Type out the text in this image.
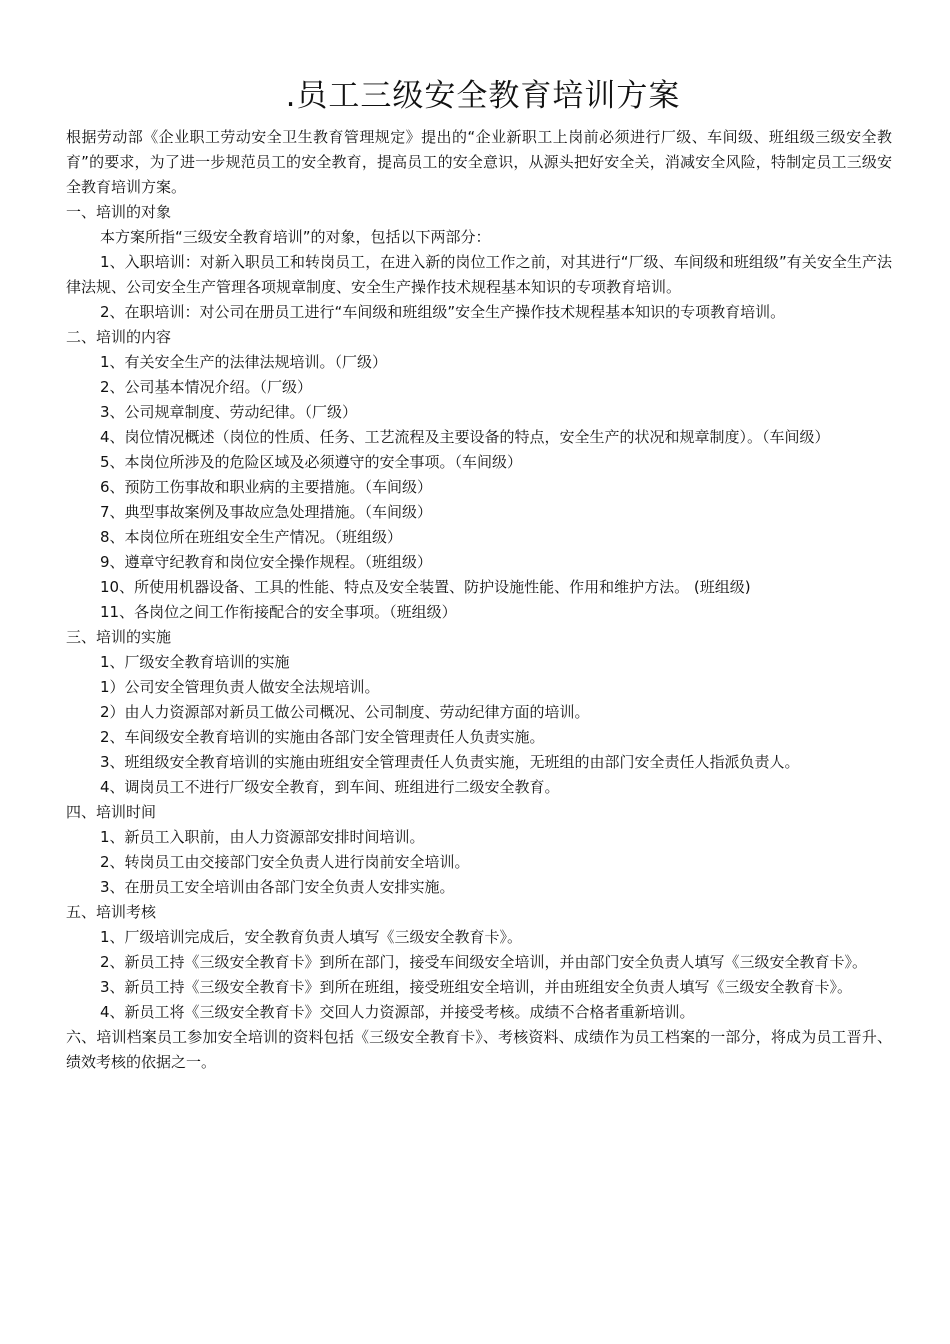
.员工三级安全教育培训方案

根据劳动部《企业职工劳动安全卫生教育管理规定》提出的“企业新职工上岗前必须进行厂级、车间级、班组级三级安全教育”的要求，为了进一步规范员工的安全教育，提高员工的安全意识，从源头把好安全关，消减安全风险，特制定员工三级安全教育培训方案。

一、培训的对象

本方案所指“三级安全教育培训”的对象，包括以下两部分：

1、入职培训：对新入职员工和转岗员工，在进入新的岗位工作之前，对其进行“厂级、车间级和班组级”有关安全生产法律法规、公司安全生产管理各项规章制度、安全生产操作技术规程基本知识的专项教育培训。

2、在职培训：对公司在册员工进行“车间级和班组级”安全生产操作技术规程基本知识的专项教育培训。

二、培训的内容

1、有关安全生产的法律法规培训。（厂级）

2、公司基本情况介绍。（厂级）

3、公司规章制度、劳动纪律。（厂级）

4、岗位情况概述（岗位的性质、任务、工艺流程及主要设备的特点，安全生产的状况和规章制度）。（车间级）

5、本岗位所涉及的危险区域及必须遵守的安全事项。（车间级）

6、预防工伤事故和职业病的主要措施。（车间级）

7、典型事故案例及事故应急处理措施。（车间级）

8、本岗位所在班组安全生产情况。（班组级）

9、遵章守纪教育和岗位安全操作规程。（班组级）

10、所使用机器设备、工具的性能、特点及安全装置、防护设施性能、作用和维护方法。 (班组级)

11、各岗位之间工作衔接配合的安全事项。（班组级）

三、培训的实施

1、厂级安全教育培训的实施

1）公司安全管理负责人做安全法规培训。

2）由人力资源部对新员工做公司概况、公司制度、劳动纪律方面的培训。

2、车间级安全教育培训的实施由各部门安全管理责任人负责实施。

3、班组级安全教育培训的实施由班组安全管理责任人负责实施，无班组的由部门安全责任人指派负责人。

4、调岗员工不进行厂级安全教育，到车间、班组进行二级安全教育。

四、培训时间

1、新员工入职前，由人力资源部安排时间培训。

2、转岗员工由交接部门安全负责人进行岗前安全培训。

3、在册员工安全培训由各部门安全负责人安排实施。

五、培训考核

1、厂级培训完成后，安全教育负责人填写《三级安全教育卡》。

2、新员工持《三级安全教育卡》到所在部门，接受车间级安全培训，并由部门安全负责人填写《三级安全教育卡》。

3、新员工持《三级安全教育卡》到所在班组，接受班组安全培训，并由班组安全负责人填写《三级安全教育卡》。

4、新员工将《三级安全教育卡》交回人力资源部，并接受考核。成绩不合格者重新培训。

六、培训档案员工参加安全培训的资料包括《三级安全教育卡》、考核资料、成绩作为员工档案的一部分，将成为员工晋升、绩效考核的依据之一。
